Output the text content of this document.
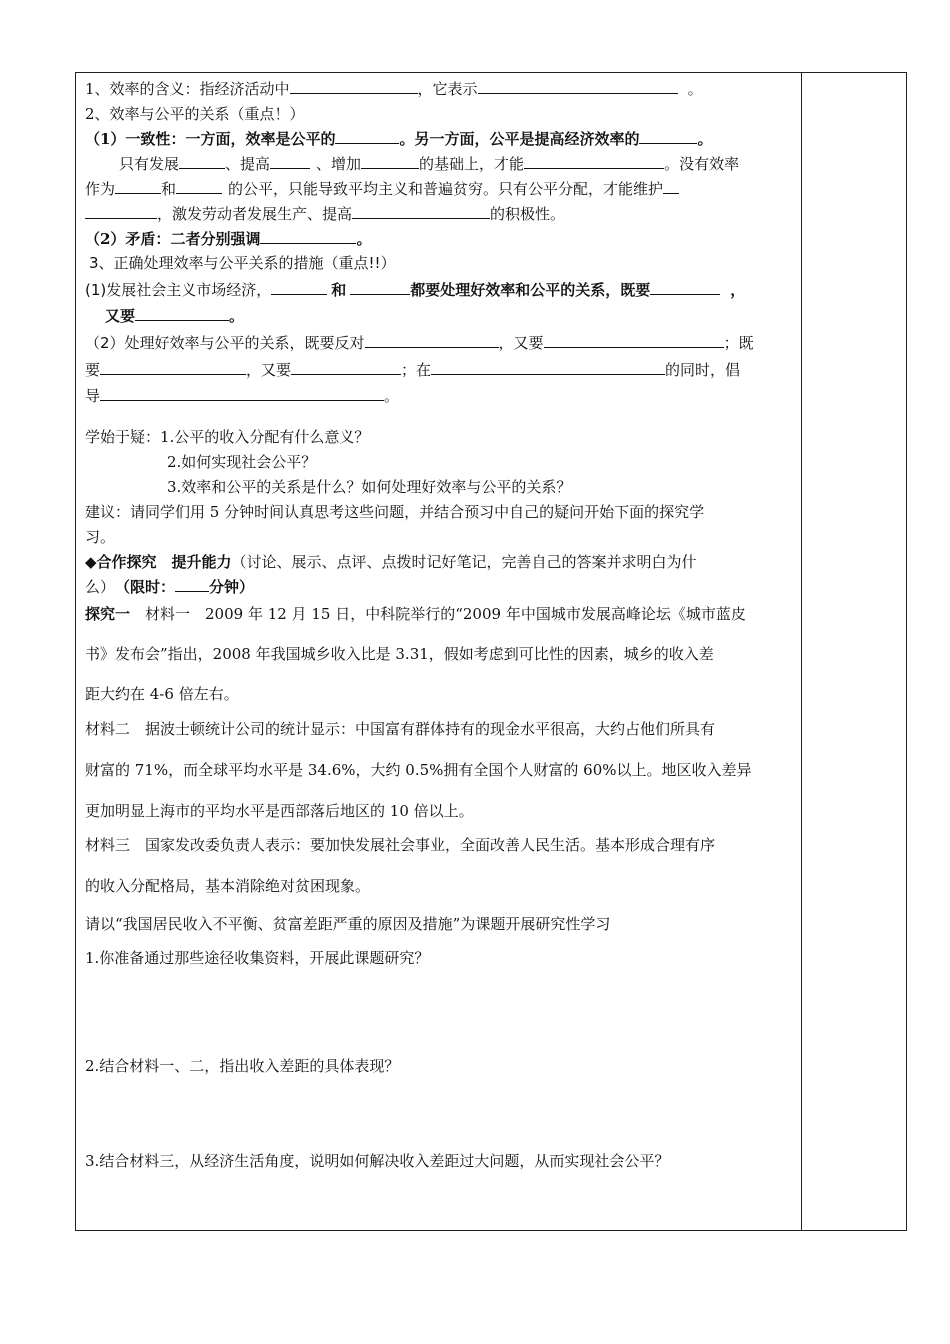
1、效率的含义：指经济活动中	，它表示	。
2、效率与公平的关系（重点！）
（1）一致性：一方面，效率是公平的	。另一方面，公平是提高经济效率的	。
只有发展	、提高	、增加	的基础上，才能	。没有效率
作为	和	的公平，只能导致平均主义和普遍贫穷。只有公平分配，才能维护
，激发劳动者发展生产、提高	的积极性。
（2）矛盾：二者分别强调	。
3、正确处理效率与公平关系的措施（重点!!）
(1)发展社会主义市场经济，	和	都要处理好效率和公平的关系，既要	，
又要	。
（2）处理好效率与公平的关系，既要反对	，又要	；既
要	，又要	；在	的同时，倡
导	。
学始于疑：1.公平的收入分配有什么意义？
2.如何实现社会公平？
3.效率和公平的关系是什么？如何处理好效率与公平的关系？
建议：请同学们用 5 分钟时间认真思考这些问题，并结合预习中自己的疑问开始下面的探究学
习。
◆合作探究　提升能力（讨论、展示、点评、点拨时记好笔记，完善自己的答案并求明白为什
么）　（限时： 分钟）
探究一　材料一　2009 年 12 月 15 日，中科院举行的“2009 年中国城市发展高峰论坛《城市蓝皮
书》发布会”指出，2008 年我国城乡收入比是 3.31，假如考虑到可比性的因素，城乡的收入差
距大约在 4-6 倍左右。
材料二　据波士顿统计公司的统计显示：中国富有群体持有的现金水平很高，大约占他们所具有
财富的 71%，而全球平均水平是 34.6%，大约 0.5%拥有全国个人财富的 60%以上。地区收入差异
更加明显上海市的平均水平是西部落后地区的 10 倍以上。
材料三　国家发改委负责人表示：要加快发展社会事业，全面改善人民生活。基本形成合理有序
的收入分配格局，基本消除绝对贫困现象。
请以“我国居民收入不平衡、贫富差距严重的原因及措施”为课题开展研究性学习
1.你准备通过那些途径收集资料，开展此课题研究？
2.结合材料一、二，指出收入差距的具体表现？
3.结合材料三，从经济生活角度，说明如何解决收入差距过大问题，从而实现社会公平？
